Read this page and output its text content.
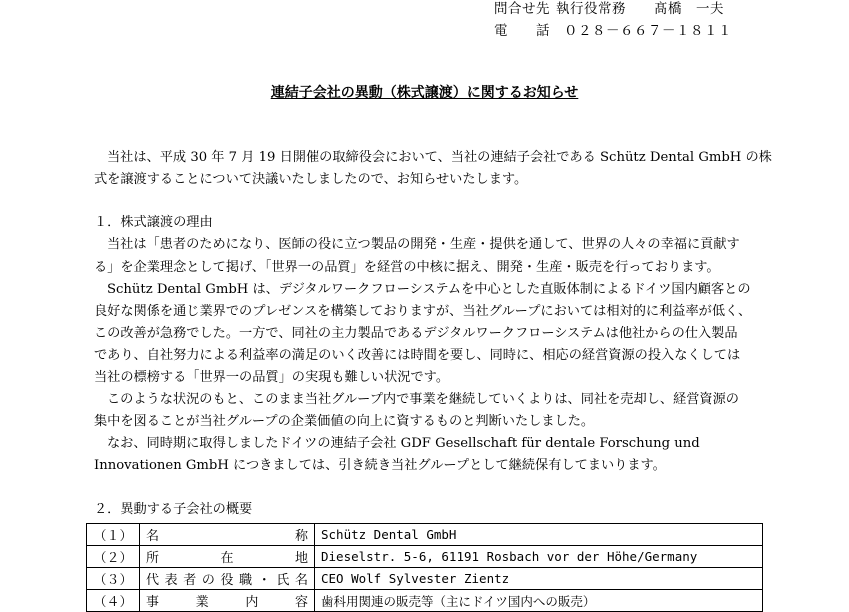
問合せ先 執行役常務　　髙橋　一夫
電　　話 ０２８－６６７－１８１１
連結子会社の異動（株式譲渡）に関するお知らせ
当社は、平成 30 年 7 月 19 日開催の取締役会において、当社の連結子会社である Schütz Dental GmbH の株
式を譲渡することについて決議いたしましたので、お知らせいたします。
１．株式譲渡の理由
当社は「患者のためになり、医師の役に立つ製品の開発・生産・提供を通して、世界の人々の幸福に貢献す
る」を企業理念として掲げ、「世界一の品質」を経営の中核に据え、開発・生産・販売を行っております。
Schütz Dental GmbH は、デジタルワークフローシステムを中心とした直販体制によるドイツ国内顧客との
良好な関係を通じ業界でのプレゼンスを構築しておりますが、当社グループにおいては相対的に利益率が低く、
この改善が急務でした。一方で、同社の主力製品であるデジタルワークフローシステムは他社からの仕入製品
であり、自社努力による利益率の満足のいく改善には時間を要し、同時に、相応の経営資源の投入なくしては
当社の標榜する「世界一の品質」の実現も難しい状況です。
このような状況のもと、このまま当社グループ内で事業を継続していくよりは、同社を売却し、経営資源の
集中を図ることが当社グループの企業価値の向上に資するものと判断いたしました。
なお、同時期に取得しましたドイツの連結子会社 GDF Gesellschaft für dentale Forschung und
Innovationen GmbH につきましては、引き続き当社グループとして継続保有してまいります。
２．異動する子会社の概要
（１）	名称	Schütz Dental GmbH
（２）	所在地	Dieselstr. 5-6, 61191 Rosbach vor der Höhe/Germany
（３）	代表者の役職・氏名	CEO Wolf Sylvester Zientz
（４）	事業内容	歯科用関連の販売等（主にドイツ国内への販売）
